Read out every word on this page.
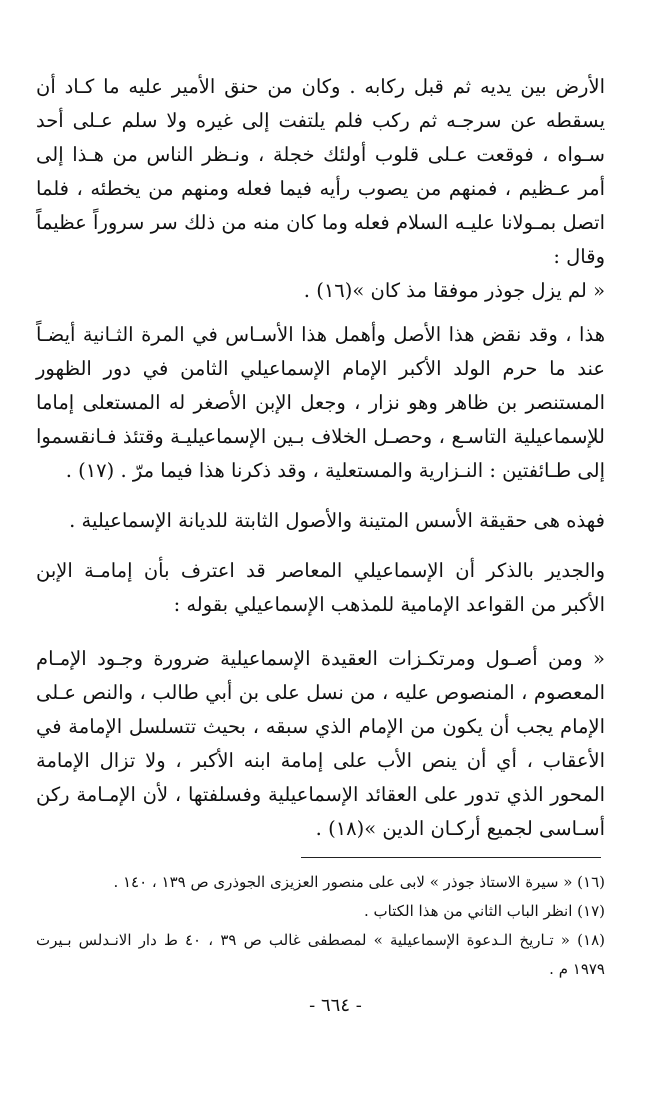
الأرض بين يديه ثم قبل ركابه . وكان من حنق الأمير عليه ما كـاد أن يسقطه عن سرجـه ثم ركب فلم يلتفت إلى غيره ولا سلم عـلى أحد سـواه ، فوقعت عـلى قلوب أولئك خجلة ، ونـظر الناس من هـذا إلى أمر عـظيم ، فمنهم من يصوب رأيه فيما فعله ومنهم من يخطئه ، فلما اتصل بمـولانا عليـه السلام فعله وما كان منه من ذلك سر سروراً عظيماً وقال :

« لم يزل جوذر موفقا مذ كان »(١٦) .

هذا ، وقد نقض هذا الأصل وأهمل هذا الأسـاس في المرة الثـانية أيضـاً عند ما حرم الولد الأكبر الإمام الإسماعيلي الثامن في دور الظهور المستنصر بن ظاهر وهو نزار ، وجعل الإبن الأصغر له المستعلى إماما للإسماعيلية التاسـع ، وحصـل الخلاف بـين الإسماعيليـة وقتئذ فـانقسموا إلى طـائفتين : النـزارية والمستعلية ، وقد ذكرنا هذا فيما مرّ . (١٧) .

فهذه هى حقيقة الأسس المتينة والأصول الثابتة للديانة الإسماعيلية .

والجدير بالذكر أن الإسماعيلي المعاصر قد اعترف بأن إمامـة الإبن الأكبر من القواعد الإمامية للمذهب الإسماعيلي بقوله :

« ومن أصـول ومرتكـزات العقيدة الإسماعيلية ضرورة وجـود الإمـام المعصوم ، المنصوص عليه ، من نسل على بن أبي طالب ، والنص عـلى الإمام يجب أن يكون من الإمام الذي سبقه ، بحيث تتسلسل الإمامة في الأعقاب ، أي أن ينص الأب على إمامة ابنه الأكبر ، ولا تزال الإمامة المحور الذي تدور على العقائد الإسماعيلية وفسلفتها ، لأن الإمـامة ركن أسـاسى لجميع أركـان الدين »(١٨) .

(١٦) « سيرة الاستاذ جوذر » لابى على منصور العزيزى الجوذرى ص ١٣٩ ، ١٤٠ .

(١٧) انظر الباب الثاني من هذا الكتاب .

(١٨) « تـاريخ الـدعوة الإسماعيلية » لمصطفى غالب ص ٣٩ ، ٤٠ ط دار الانـدلس بـيرت ١٩٧٩ م .

- ٦٦٤ -
